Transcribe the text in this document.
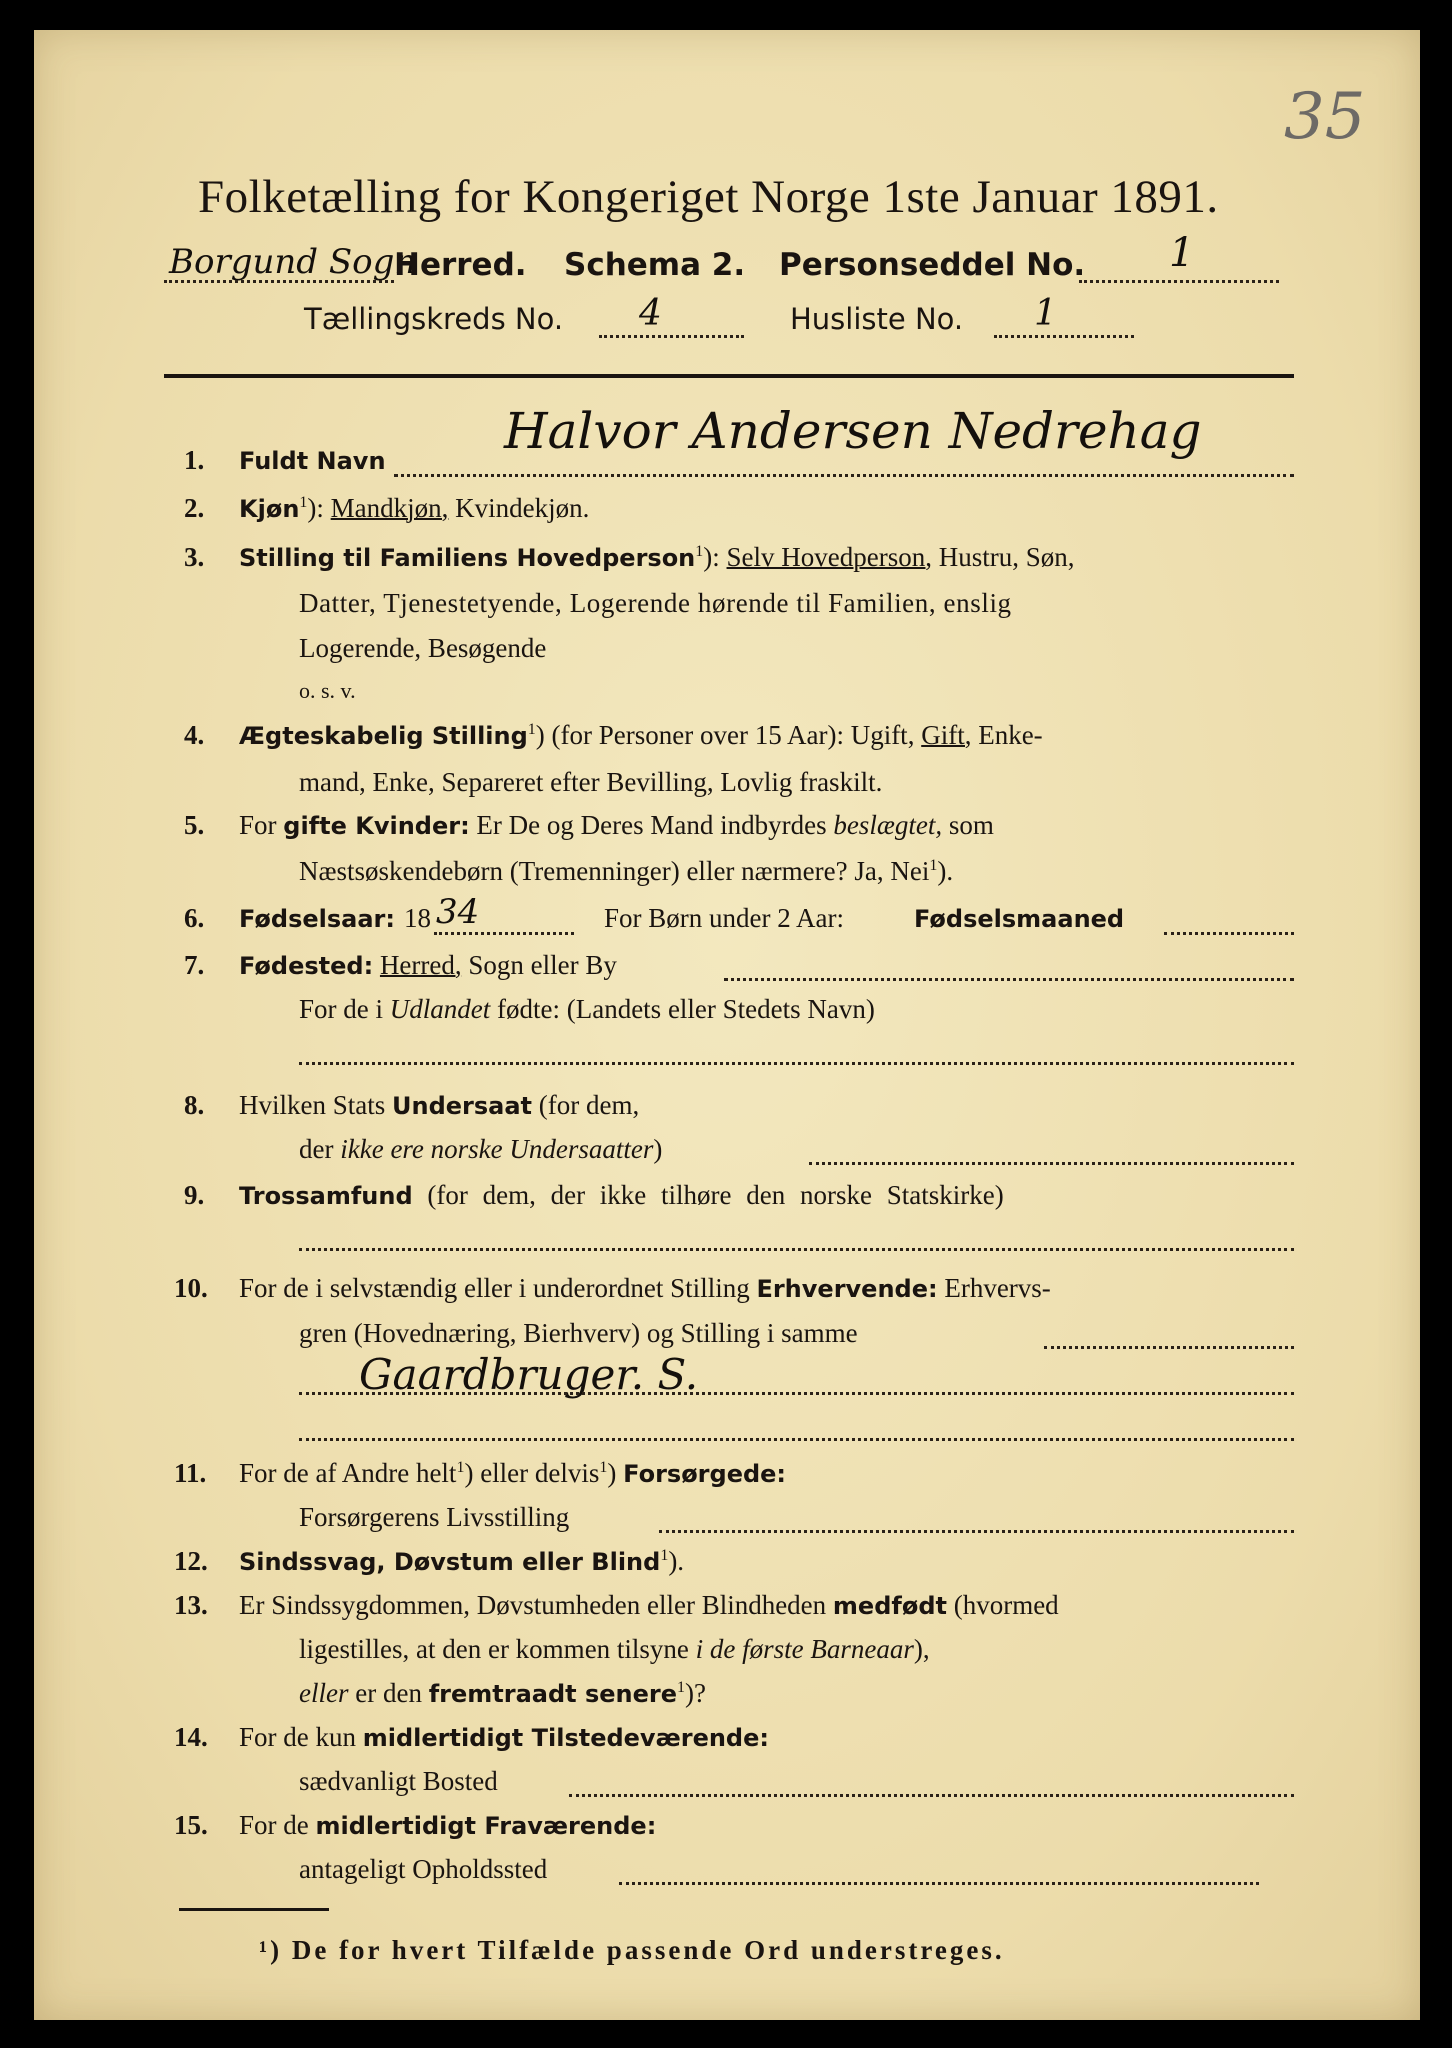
35
Folketælling for Kongeriget Norge 1ste Januar 1891.
Borgund Sogn
Herred. Schema 2. Personseddel No. 1
Tællingskreds No. 4	Husliste No. 1
1. Fuldt Navn
Halvor Andersen Nedrehag
2. Kjøn$^1$): Mandkjøn, Kvindekjøn.
3. Stilling til Familiens Hovedperson$^1$): Selv Hovedperson, Hustru, Søn,
Datter, Tjenestetyende, Logerende hørende til Familien, enslig
Logerende, Besøgende
o. s. v.
4. Ægteskabelig Stilling$^1$) (for Personer over 15 Aar): Ugift, Gift, Enke-
mand, Enke, Separeret efter Bevilling, Lovlig fraskilt.
5. For gifte Kvinder: Er De og Deres Mand indbyrdes beslægtet, som
Næstsøskendebørn (Tremenninger) eller nærmere? Ja, Nei$^1$).
6. Fødselsaar: 18 34	For Børn under 2 Aar:	Fødselsmaaned
7. Fødested: Herred, Sogn eller By
For de i Udlandet fødte: (Landets eller Stedets Navn)
8. Hvilken Stats Undersaat (for dem,
der ikke ere norske Undersaatter)
9. Trossamfund (for dem, der ikke tilhøre den norske Statskirke)
10. For de i selvstændig eller i underordnet Stilling Erhvervende: Erhvervs-
gren (Hovednæring, Bierhverv) og Stilling i samme
Gaardbruger. S.
11. For de af Andre helt$^1$) eller delvis$^1$) Forsørgede:
Forsørgerens Livsstilling
12. Sindssvag, Døvstum eller Blind$^1$).
13. Er Sindssygdommen, Døvstumheden eller Blindheden medfødt (hvormed
ligestilles, at den er kommen tilsyne i de første Barneaar),
eller er den fremtraadt senere$^1$)?
14. For de kun midlertidigt Tilstedeværende:
sædvanligt Bosted
15. For de midlertidigt Fraværende:
antageligt Opholdssted
¹) De for hvert Tilfælde passende Ord understreges.
